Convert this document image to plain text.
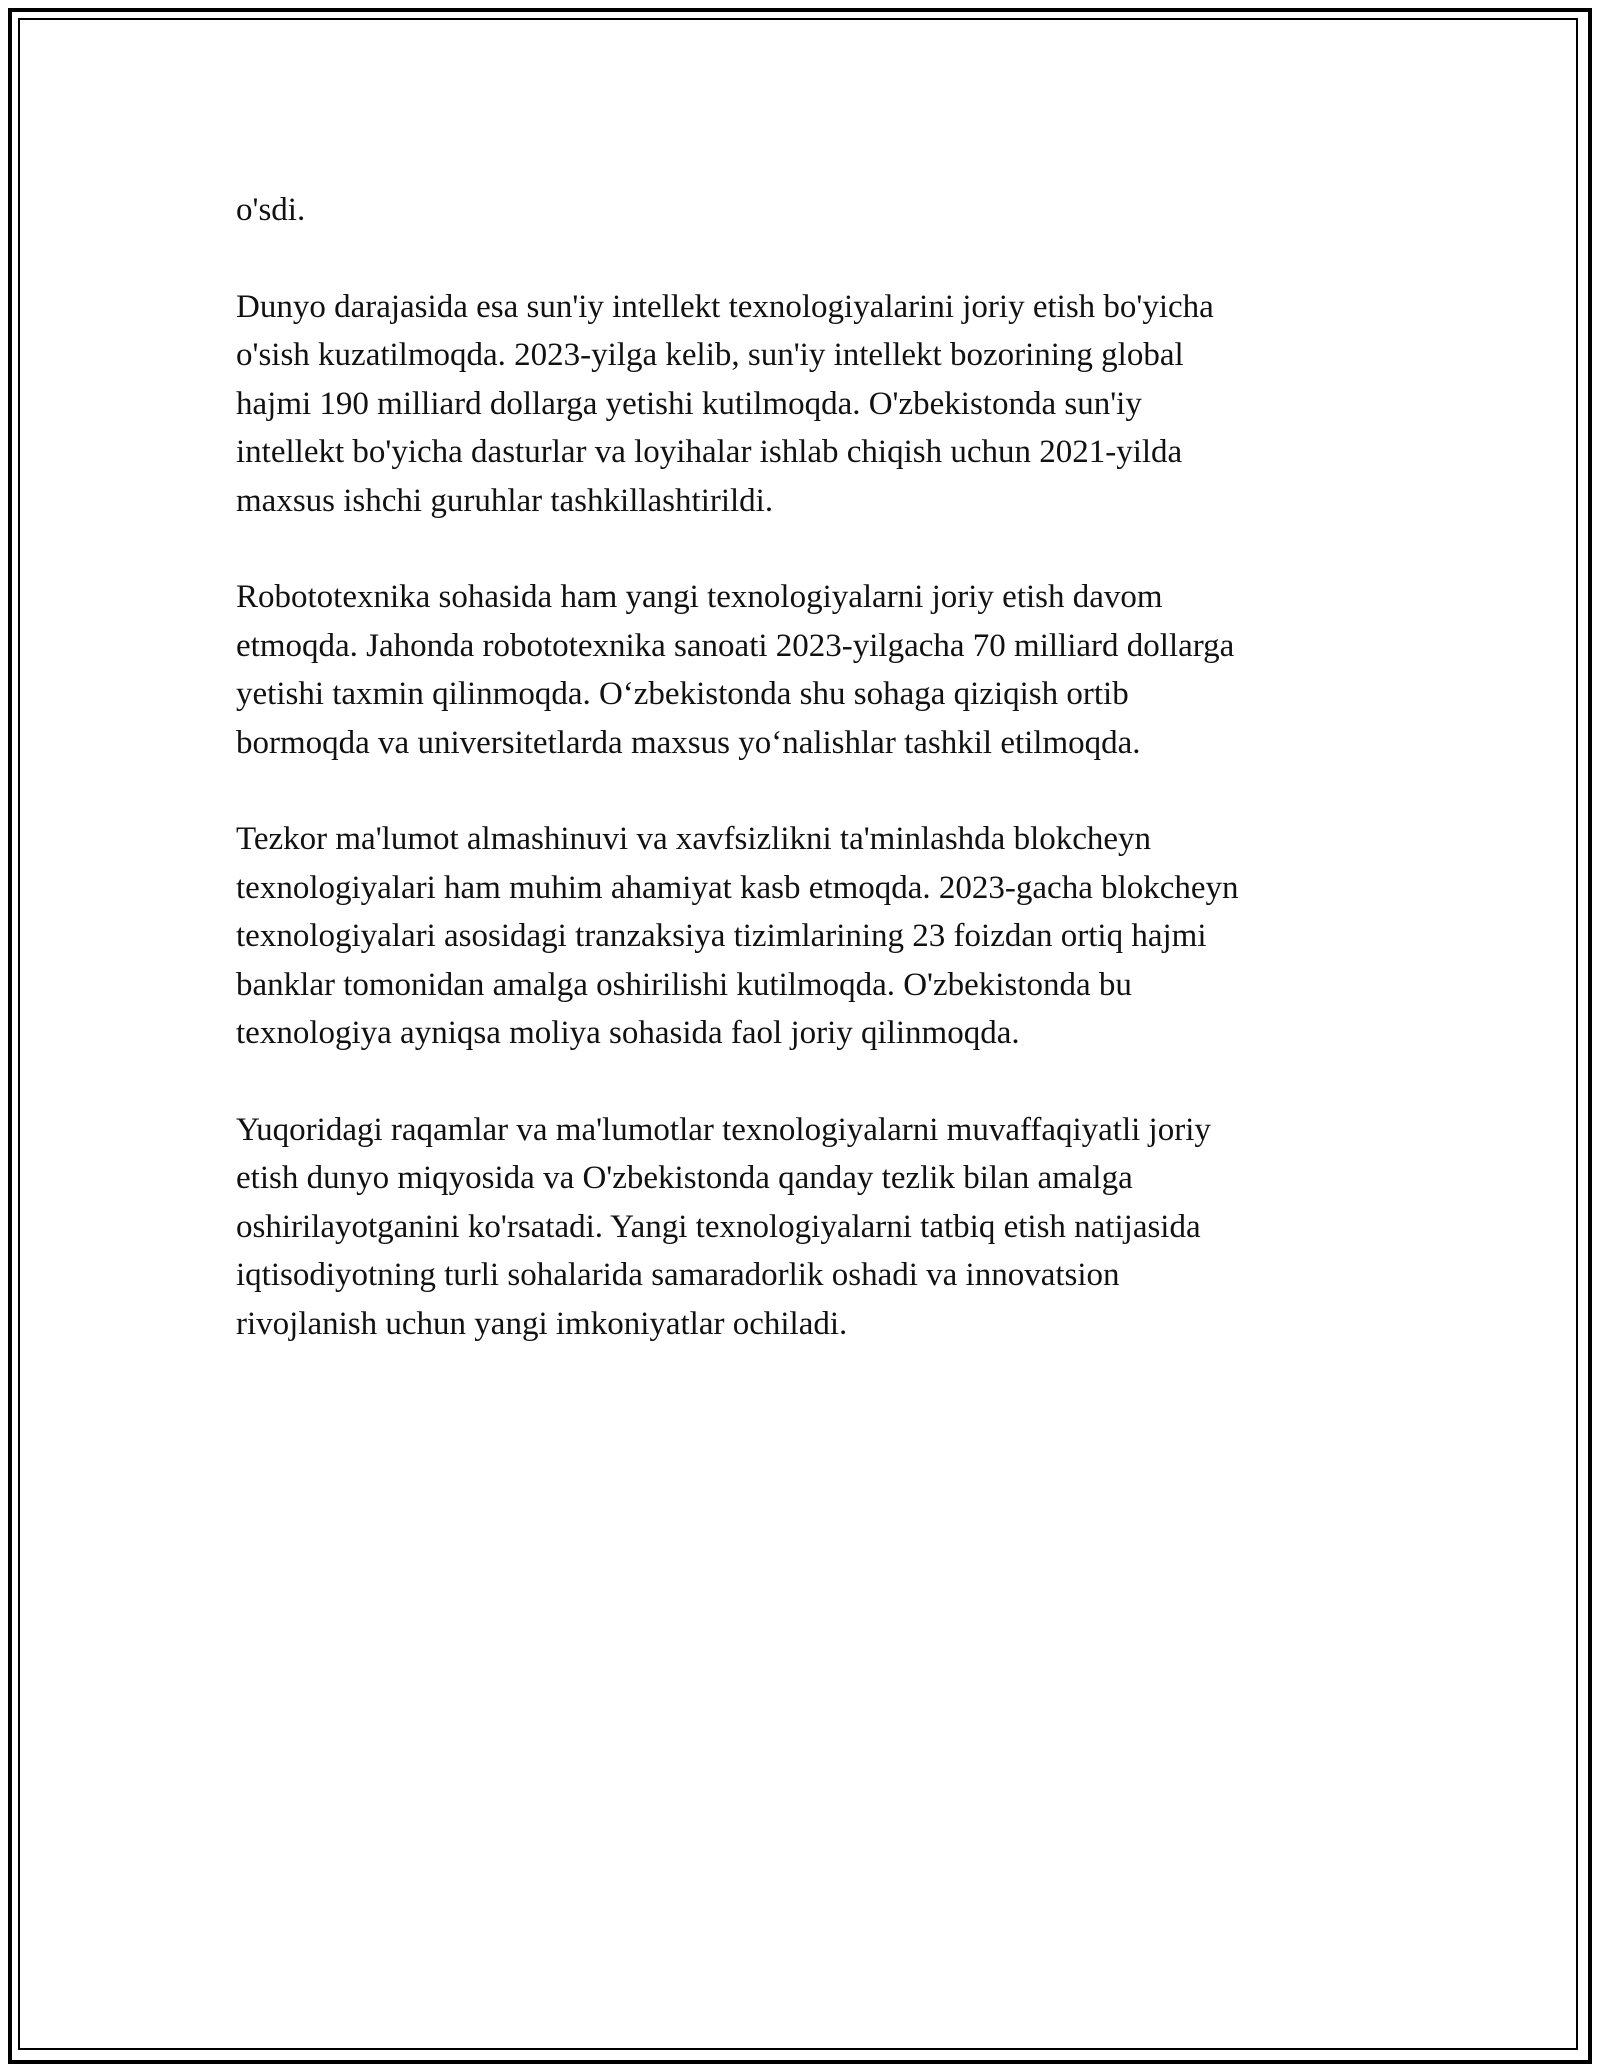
o'sdi.

Dunyo darajasida esa sun'iy intellekt texnologiyalarini joriy etish bo'yicha
o'sish kuzatilmoqda. 2023-yilga kelib, sun'iy intellekt bozorining global
hajmi 190 milliard dollarga yetishi kutilmoqda. O'zbekistonda sun'iy
intellekt bo'yicha dasturlar va loyihalar ishlab chiqish uchun 2021-yilda
maxsus ishchi guruhlar tashkillashtirildi.

Robototexnika sohasida ham yangi texnologiyalarni joriy etish davom
etmoqda. Jahonda robototexnika sanoati 2023-yilgacha 70 milliard dollarga
yetishi taxmin qilinmoqda. O‘zbekistonda shu sohaga qiziqish ortib
bormoqda va universitetlarda maxsus yo‘nalishlar tashkil etilmoqda.

Tezkor ma'lumot almashinuvi va xavfsizlikni ta'minlashda blokcheyn
texnologiyalari ham muhim ahamiyat kasb etmoqda. 2023-gacha blokcheyn
texnologiyalari asosidagi tranzaksiya tizimlarining 23 foizdan ortiq hajmi
banklar tomonidan amalga oshirilishi kutilmoqda. O'zbekistonda bu
texnologiya ayniqsa moliya sohasida faol joriy qilinmoqda.

Yuqoridagi raqamlar va ma'lumotlar texnologiyalarni muvaffaqiyatli joriy
etish dunyo miqyosida va O'zbekistonda qanday tezlik bilan amalga
oshirilayotganini ko'rsatadi. Yangi texnologiyalarni tatbiq etish natijasida
iqtisodiyotning turli sohalarida samaradorlik oshadi va innovatsion
rivojlanish uchun yangi imkoniyatlar ochiladi.
